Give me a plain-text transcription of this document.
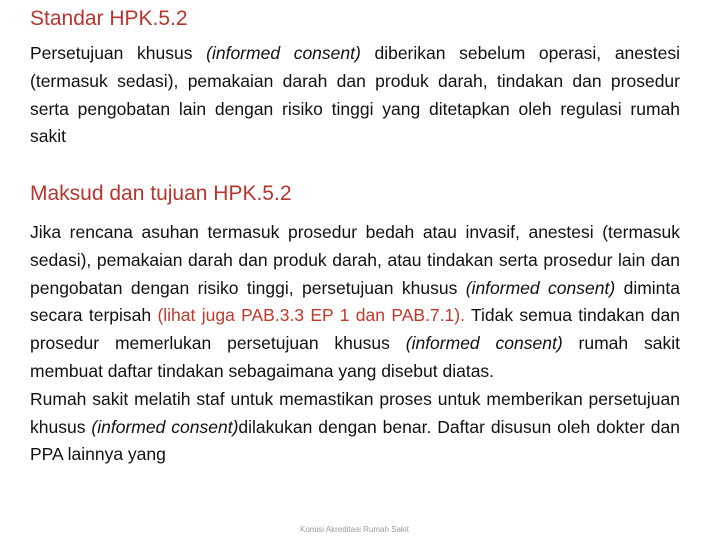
Standar HPK.5.2

Persetujuan khusus (informed consent) diberikan sebelum operasi, anestesi (termasuk sedasi), pemakaian darah dan produk darah, tindakan dan prosedur serta pengobatan lain dengan risiko tinggi yang ditetapkan oleh regulasi rumah sakit

Maksud dan tujuan HPK.5.2

Jika rencana asuhan termasuk prosedur bedah atau invasif, anestesi (termasuk sedasi), pemakaian darah dan produk darah, atau tindakan serta prosedur lain dan pengobatan dengan risiko tinggi, persetujuan khusus (informed consent) diminta secara terpisah (lihat juga PAB.3.3 EP 1 dan PAB.7.1). Tidak semua tindakan dan prosedur memerlukan persetujuan khusus (informed consent) rumah sakit membuat daftar tindakan sebagaimana yang disebut diatas.
Rumah sakit melatih staf untuk memastikan proses untuk memberikan persetujuan khusus (informed consent)dilakukan dengan benar. Daftar disusun oleh dokter dan PPA lainnya yang

Komisi Akreditasi Rumah Sakit
